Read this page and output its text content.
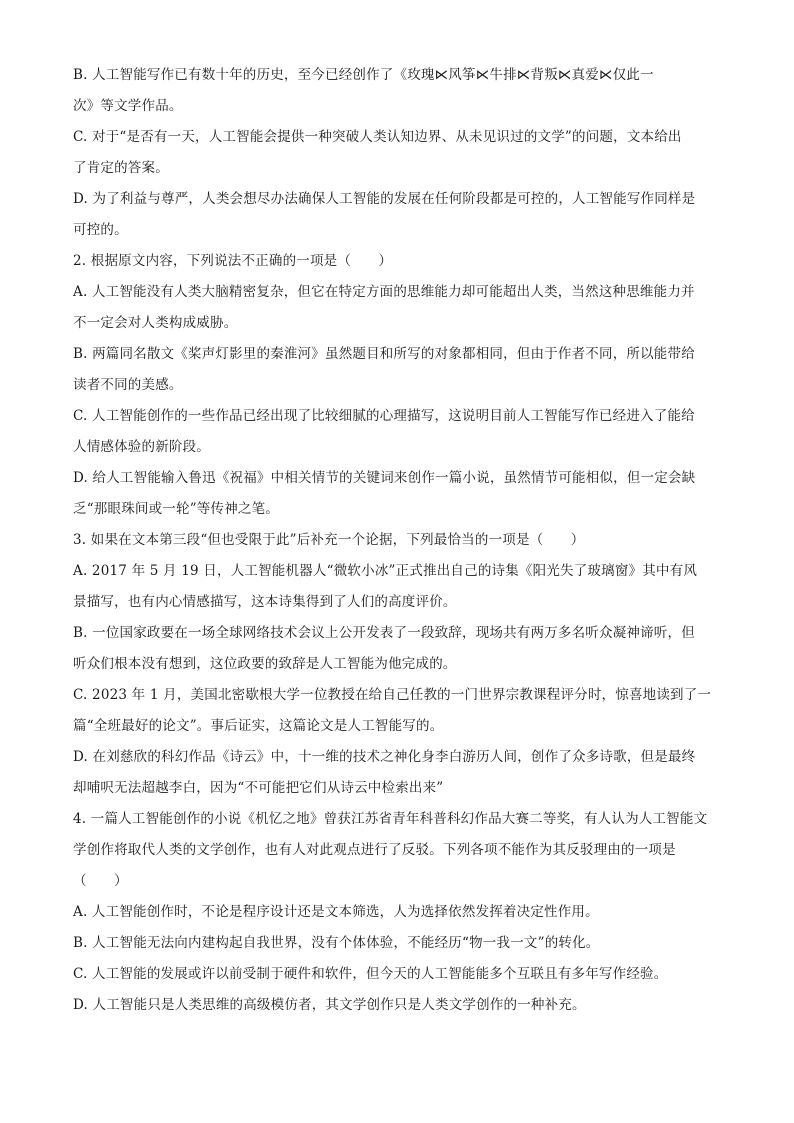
B. 人工智能写作已有数十年的历史，至今已经创作了《玫瑰⋉风筝⋉牛排⋉背叛⋉真爱⋉仅此一
次》等文学作品。
C. 对于“是否有一天，人工智能会提供一种突破人类认知边界、从未见识过的文学”的问题，文本给出
了肯定的答案。
D. 为了利益与尊严，人类会想尽办法确保人工智能的发展在任何阶段都是可控的，人工智能写作同样是
可控的。
2. 根据原文内容，下列说法不正确的一项是（　　）
A. 人工智能没有人类大脑精密复杂，但它在特定方面的思维能力却可能超出人类，当然这种思维能力并
不一定会对人类构成威胁。
B. 两篇同名散文《桨声灯影里的秦淮河》虽然题目和所写的对象都相同，但由于作者不同，所以能带给
读者不同的美感。
C. 人工智能创作的一些作品已经出现了比较细腻的心理描写，这说明目前人工智能写作已经进入了能给
人情感体验的新阶段。
D. 给人工智能输入鲁迅《祝福》中相关情节的关键词来创作一篇小说，虽然情节可能相似，但一定会缺
乏“那眼珠间或一轮”等传神之笔。
3. 如果在文本第三段“但也受限于此”后补充一个论据，下列最恰当的一项是（　　）
A. 2017 年 5 月 19 日，人工智能机器人“微软小冰”正式推出自己的诗集《阳光失了玻璃窗》其中有风
景描写，也有内心情感描写，这本诗集得到了人们的高度评价。
B. 一位国家政要在一场全球网络技术会议上公开发表了一段致辞，现场共有两万多名听众凝神谛听，但
听众们根本没有想到，这位政要的致辞是人工智能为他完成的。
C. 2023 年 1 月，美国北密歇根大学一位教授在给自己任教的一门世界宗教课程评分时，惊喜地读到了一
篇“全班最好的论文”。事后证实，这篇论文是人工智能写的。
D. 在刘慈欣的科幻作品《诗云》中，十一维的技术之神化身李白游历人间，创作了众多诗歌，但是最终
却哺呎无法超越李白，因为“不可能把它们从诗云中检索出来”
4. 一篇人工智能创作的小说《机忆之地》曾获江苏省青年科普科幻作品大赛二等奖，有人认为人工智能文
学创作将取代人类的文学创作，也有人对此观点进行了反驳。下列各项不能作为其反驳理由的一项是
（　　）
A. 人工智能创作时，不论是程序设计还是文本筛选，人为选择依然发挥着决定性作用。
B. 人工智能无法向内建构起自我世界，没有个体体验，不能经历“物一我一文”的转化。
C. 人工智能的发展或许以前受制于硬件和软件，但今天的人工智能能多个互联且有多年写作经验。
D. 人工智能只是人类思维的高级模仿者，其文学创作只是人类文学创作的一种补充。
